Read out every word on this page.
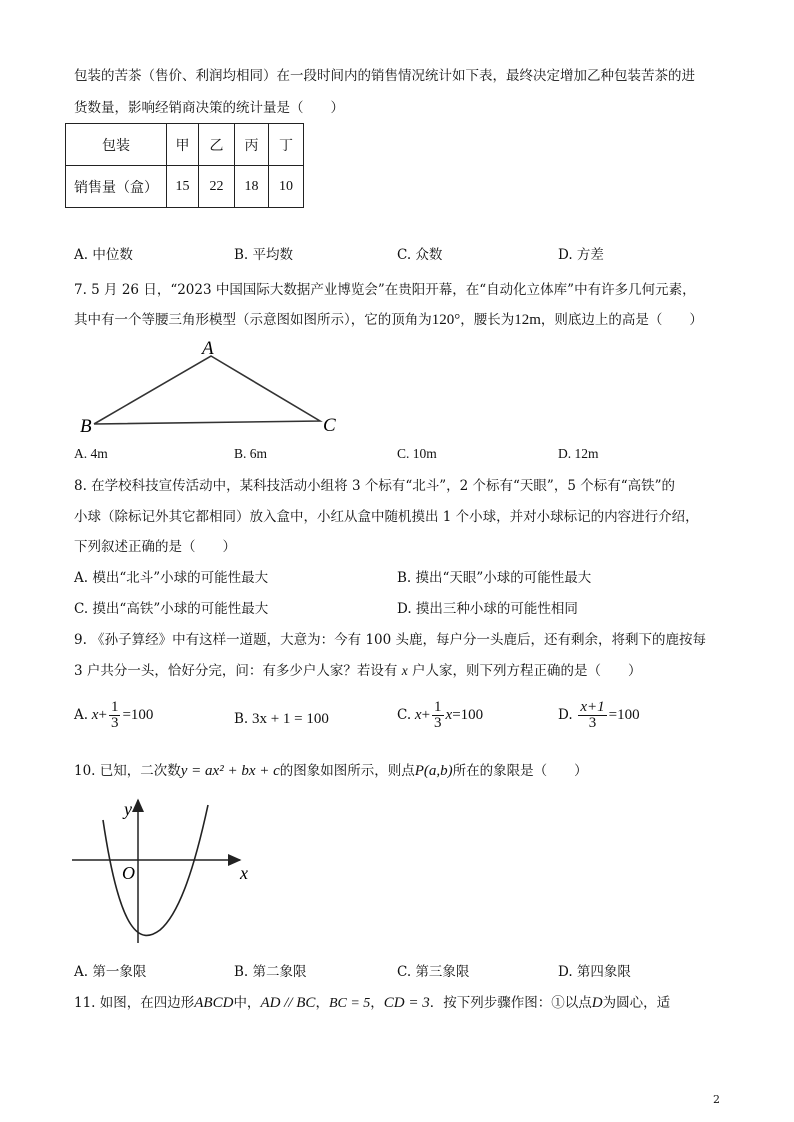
包装的苦茶（售价、利润均相同）在一段时间内的销售情况统计如下表，最终决定增加乙种包装苦茶的进
货数量，影响经销商决策的统计量是（　　）
包装	甲	乙	丙	丁
销售量（盒）	15	22	18	10
A. 中位数	B. 平均数	C. 众数	D. 方差
7. 5 月 26 日，“2023 中国国际大数据产业博览会”在贵阳开幕，在“自动化立体库”中有许多几何元素，
其中有一个等腰三角形模型（示意图如图所示），它的顶角为120°，腰长为12m，则底边上的高是（　　）
A
B	C
A. 4m	B. 6m	C. 10m	D. 12m
8. 在学校科技宣传活动中，某科技活动小组将 3 个标有“北斗”，2 个标有“天眼”，5 个标有“高铁”的
小球（除标记外其它都相同）放入盒中，小红从盒中随机摸出 1 个小球，并对小球标记的内容进行介绍，
下列叙述正确的是（　　）
A. 模出“北斗”小球的可能性最大	B. 摸出“天眼”小球的可能性最大
C. 摸出“高铁”小球的可能性最大	D. 摸出三种小球的可能性相同
9. 《孙子算经》中有这样一道题，大意为：今有 100 头鹿，每户分一头鹿后，还有剩余，将剩下的鹿按每
3 户共分一头，恰好分完，问：有多少户人家？若设有 x 户人家，则下列方程正确的是（　　）
A. $x+ \frac{1}{3} =100$	B. 3x + 1 = 100	C. $x+ \frac{1}{3} x=100$	D. $\frac{x+1}{3} =100$
10. 已知，二次数y = ax² + bx + c的图象如图所示，则点P(a,b)所在的象限是（　　）
y
x
O
A. 第一象限	B. 第二象限	C. 第三象限	D. 第四象限
11. 如图，在四边形ABCD中，AD // BC，BC = 5，CD = 3．按下列步骤作图：①以点D为圆心，适
2
